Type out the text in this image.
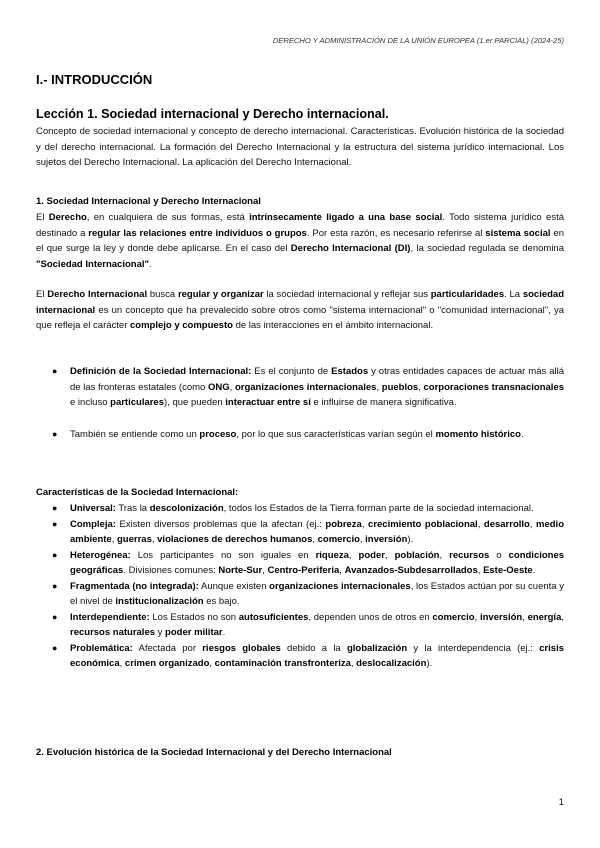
DERECHO Y ADMINISTRACIÓN DE LA UNIÓN EUROPEA (1.er PARCIAL) (2024-25)
I.- INTRODUCCIÓN
Lección 1. Sociedad internacional y Derecho internacional.
Concepto de sociedad internacional y concepto de derecho internacional. Características. Evolución histórica de la sociedad y del derecho internacional. La formación del Derecho Internacional y la estructura del sistema jurídico internacional. Los sujetos del Derecho Internacional. La aplicación del Derecho Internacional.
1. Sociedad Internacional y Derecho Internacional
El Derecho, en cualquiera de sus formas, está intrínsecamente ligado a una base social. Todo sistema jurídico está destinado a regular las relaciones entre individuos o grupos. Por esta razón, es necesario referirse al sistema social en el que surge la ley y donde debe aplicarse. En el caso del Derecho Internacional (DI), la sociedad regulada se denomina "Sociedad Internacional".
El Derecho Internacional busca regular y organizar la sociedad internacional y reflejar sus particularidades. La sociedad internacional es un concepto que ha prevalecido sobre otros como "sistema internacional" o "comunidad internacional", ya que refleja el carácter complejo y compuesto de las interacciones en el ámbito internacional.
● Definición de la Sociedad Internacional: Es el conjunto de Estados y otras entidades capaces de actuar más allá de las fronteras estatales (como ONG, organizaciones internacionales, pueblos, corporaciones transnacionales e incluso particulares), que pueden interactuar entre sí e influirse de manera significativa.
● También se entiende como un proceso, por lo que sus características varían según el momento histórico.
Características de la Sociedad Internacional:
● Universal: Tras la descolonización, todos los Estados de la Tierra forman parte de la sociedad internacional.
● Compleja: Existen diversos problemas que la afectan (ej.: pobreza, crecimiento poblacional, desarrollo, medio ambiente, guerras, violaciones de derechos humanos, comercio, inversión).
● Heterogénea: Los participantes no son iguales en riqueza, poder, población, recursos o condiciones geográficas. Divisiones comunes: Norte-Sur, Centro-Periferia, Avanzados-Subdesarrollados, Este-Oeste.
● Fragmentada (no integrada): Aunque existen organizaciones internacionales, los Estados actúan por su cuenta y el nivel de institucionalización es bajo.
● Interdependiente: Los Estados no son autosuficientes, dependen unos de otros en comercio, inversión, energía, recursos naturales y poder militar.
● Problemática: Afectada por riesgos globales debido a la globalización y la interdependencia (ej.: crisis económica, crimen organizado, contaminación transfronteriza, deslocalización).
2. Evolución histórica de la Sociedad Internacional y del Derecho Internacional
1
